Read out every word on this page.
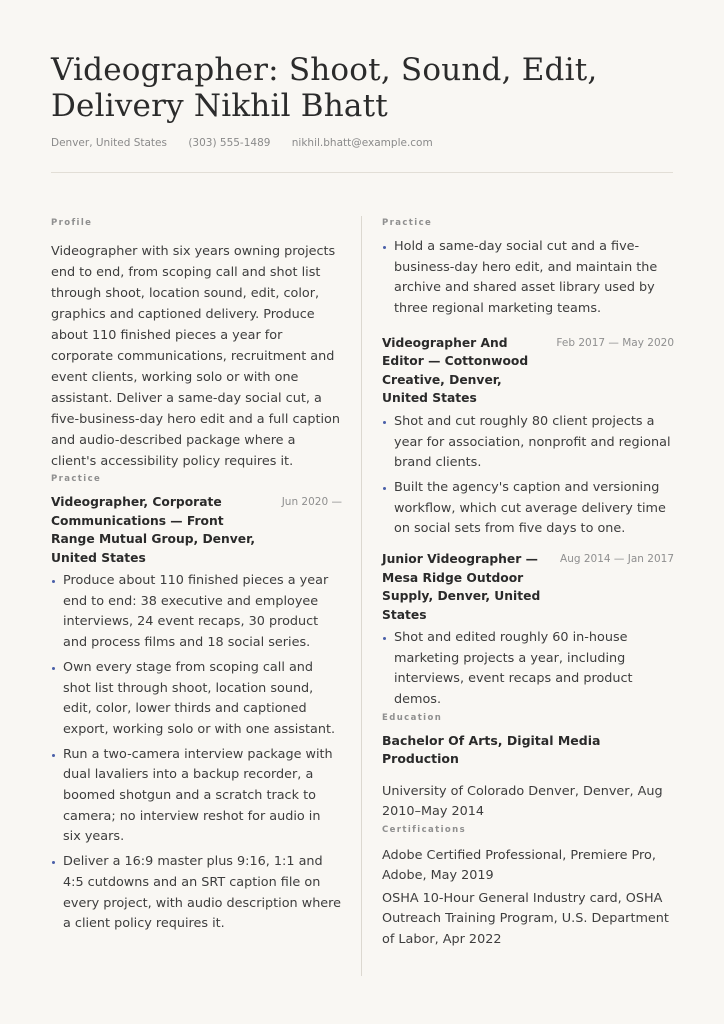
Videographer: Shoot, Sound, Edit, Delivery Nikhil Bhatt
Denver, United States (303) 555-1489 nikhil.bhatt@example.com
Profile

Videographer with six years owning projects end to end, from scoping call and shot list through shoot, location sound, edit, color, graphics and captioned delivery. Produce about 110 finished pieces a year for corporate communications, recruitment and event clients, working solo or with one assistant. Deliver a same-day social cut, a five-business-day hero edit and a full caption and audio-described package where a client's accessibility policy requires it.

Practice
Videographer, Corporate Communications — Front Range Mutual Group, Denver, United States
Jun 2020 —
Produce about 110 finished pieces a year end to end: 38 executive and employee interviews, 24 event recaps, 30 product and process films and 18 social series.
Own every stage from scoping call and shot list through shoot, location sound, edit, color, lower thirds and captioned export, working solo or with one assistant.
Run a two-camera interview package with dual lavaliers into a backup recorder, a boomed shotgun and a scratch track to camera; no interview reshot for audio in six years.
Deliver a 16:9 master plus 9:16, 1:1 and 4:5 cutdowns and an SRT caption file on every project, with audio description where a client policy requires it.
Practice
Hold a same-day social cut and a five-business-day hero edit, and maintain the archive and shared asset library used by three regional marketing teams.
Videographer And Editor — Cottonwood Creative, Denver, United States
Feb 2017 — May 2020
Shot and cut roughly 80 client projects a year for association, nonprofit and regional brand clients.
Built the agency's caption and versioning workflow, which cut average delivery time on social sets from five days to one.
Junior Videographer — Mesa Ridge Outdoor Supply, Denver, United States
Aug 2014 — Jan 2017
Shot and edited roughly 60 in-house marketing projects a year, including interviews, event recaps and product demos.
Education
Bachelor Of Arts, Digital Media Production

University of Colorado Denver, Denver, Aug 2010–May 2014

Certifications

Adobe Certified Professional, Premiere Pro, Adobe, May 2019

OSHA 10-Hour General Industry card, OSHA Outreach Training Program, U.S. Department of Labor, Apr 2022
